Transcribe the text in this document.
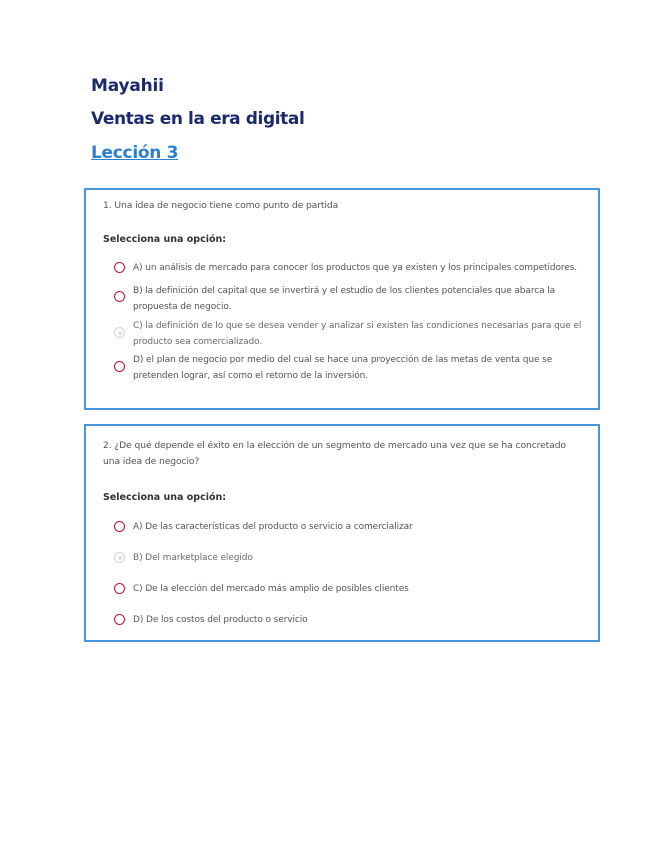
Mayahii
Ventas en la era digital
Lección 3
1. Una idea de negocio tiene como punto de partida
Selecciona una opción:
A) un análisis de mercado para conocer los productos que ya existen y los principales competidores.
B) la definición del capital que se invertirá y el estudio de los clientes potenciales que abarca la propuesta de negocio.
C) la definición de lo que se desea vender y analizar si existen las condiciones necesarias para que el producto sea comercializado.
D) el plan de negocio por medio del cual se hace una proyección de las metas de venta que se pretenden lograr, así como el retorno de la inversión.
2. ¿De qué depende el éxito en la elección de un segmento de mercado una vez que se ha concretado una idea de negocio?
Selecciona una opción:
A) De las características del producto o servicio a comercializar
B) Del marketplace elegido
C) De la elección del mercado más amplio de posibles clientes
D) De los costos del producto o servicio
